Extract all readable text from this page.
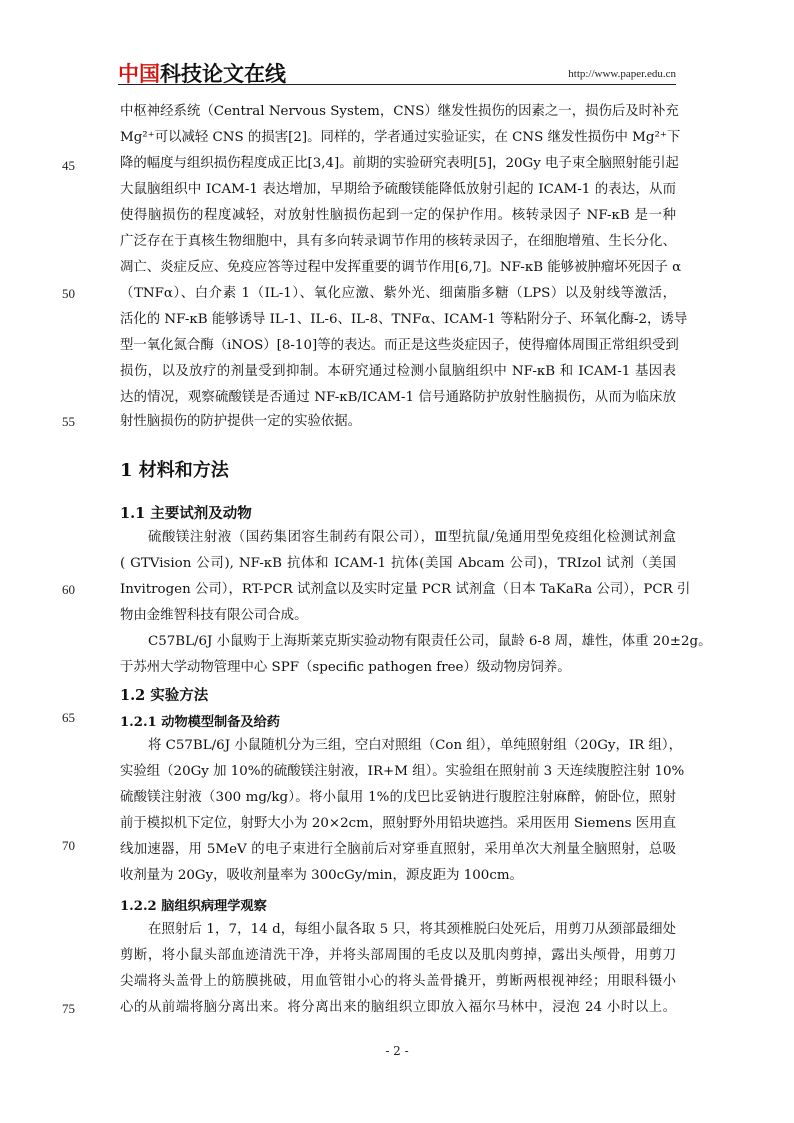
中国科技论文在线	http://www.paper.edu.cn
45
50
55
60
65
70
75
中枢神经系统（Central Nervous System，CNS）继发性损伤的因素之一，损伤后及时补充
Mg²⁺可以减轻 CNS 的损害[2]。同样的，学者通过实验证实，在 CNS 继发性损伤中 Mg²⁺下
降的幅度与组织损伤程度成正比[3,4]。前期的实验研究表明[5]，20Gy 电子束全脑照射能引起
大鼠脑组织中 ICAM-1 表达增加，早期给予硫酸镁能降低放射引起的 ICAM-1 的表达，从而
使得脑损伤的程度减轻，对放射性脑损伤起到一定的保护作用。核转录因子 NF-κB 是一种
广泛存在于真核生物细胞中，具有多向转录调节作用的核转录因子，在细胞增殖、生长分化、
凋亡、炎症反应、免疫应答等过程中发挥重要的调节作用[6,7]。NF-κB 能够被肿瘤坏死因子 α
（TNFα）、白介素 1（IL-1）、氧化应激、紫外光、细菌脂多糖（LPS）以及射线等激活，
活化的 NF-κB 能够诱导 IL-1、IL-6、IL-8、TNFα、ICAM-1 等粘附分子、环氧化酶-2，诱导
型一氧化氮合酶（iNOS）[8-10]等的表达。而正是这些炎症因子，使得瘤体周围正常组织受到
损伤，以及放疗的剂量受到抑制。本研究通过检测小鼠脑组织中 NF-κB 和 ICAM-1 基因表
达的情况，观察硫酸镁是否通过 NF-κB/ICAM-1 信号通路防护放射性脑损伤，从而为临床放
射性脑损伤的防护提供一定的实验依据。
1 材料和方法
1.1 主要试剂及动物
硫酸镁注射液（国药集团容生制药有限公司），Ⅲ型抗鼠/兔通用型免疫组化检测试剂盒
( GTVision 公司), NF-κB 抗体和 ICAM-1 抗体(美国 Abcam 公司)，TRIzol 试剂（美国
Invitrogen 公司），RT-PCR 试剂盒以及实时定量 PCR 试剂盒（日本 TaKaRa 公司），PCR 引
物由金维智科技有限公司合成。
C57BL/6J 小鼠购于上海斯莱克斯实验动物有限责任公司，鼠龄 6-8 周，雄性，体重 20±2g。
于苏州大学动物管理中心 SPF（specific pathogen free）级动物房饲养。
1.2 实验方法
1.2.1 动物模型制备及给药
将 C57BL/6J 小鼠随机分为三组，空白对照组（Con 组），单纯照射组（20Gy，IR 组），
实验组（20Gy 加 10%的硫酸镁注射液，IR+M 组）。实验组在照射前 3 天连续腹腔注射 10%
硫酸镁注射液（300 mg/kg）。将小鼠用 1%的戊巴比妥钠进行腹腔注射麻醉，俯卧位，照射
前于模拟机下定位，射野大小为 20×2cm，照射野外用铅块遮挡。采用医用 Siemens 医用直
线加速器，用 5MeV 的电子束进行全脑前后对穿垂直照射，采用单次大剂量全脑照射，总吸
收剂量为 20Gy，吸收剂量率为 300cGy/min，源皮距为 100cm。
1.2.2 脑组织病理学观察
在照射后 1，7，14 d，每组小鼠各取 5 只，将其颈椎脱臼处死后，用剪刀从颈部最细处
剪断，将小鼠头部血迹清洗干净，并将头部周围的毛皮以及肌肉剪掉，露出头颅骨，用剪刀
尖端将头盖骨上的筋膜挑破，用血管钳小心的将头盖骨撬开，剪断两根视神经；用眼科镊小
心的从前端将脑分离出来。将分离出来的脑组织立即放入福尔马林中，浸泡 24 小时以上。
- 2 -
